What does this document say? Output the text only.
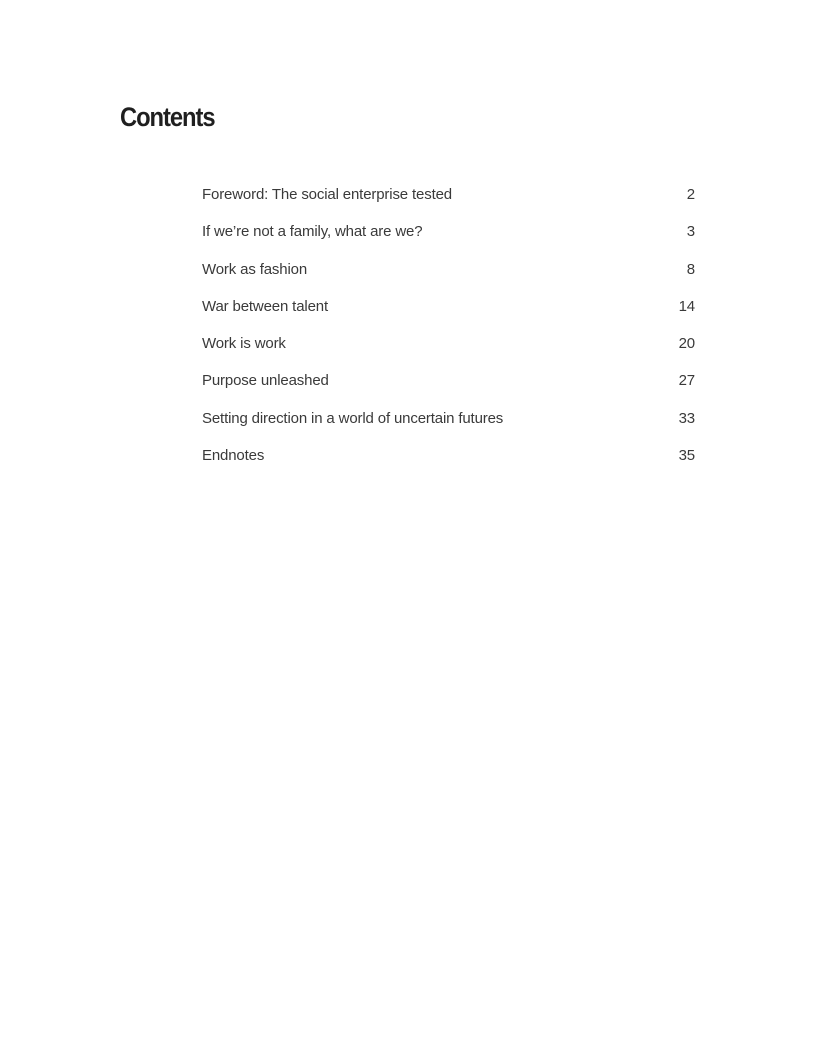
Contents
Foreword: The social enterprise tested	2
If we’re not a family, what are we?	3
Work as fashion	8
War between talent	14
Work is work	20
Purpose unleashed	27
Setting direction in a world of uncertain futures	33
Endnotes	35
